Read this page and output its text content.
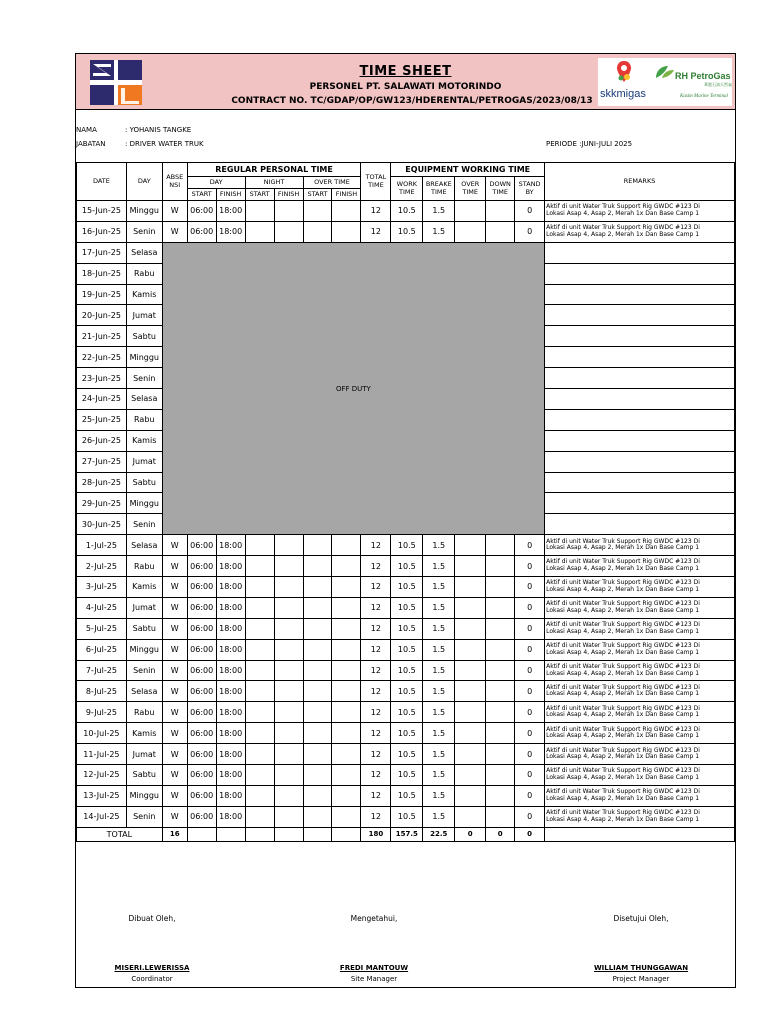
TIME SHEET
PERSONEL PT. SALAWATI MOTORINDO
CONTRACT NO. TC/GDAP/OP/GW123/HDERENTAL/PETROGAS/2023/08/13
skkmigas
RH PetroGas
華港石油天然氣
Kasim Marine Terminal
NAMA	: YOHANIS TANGKE
JABATAN	: DRIVER WATER TRUK	PERIODE :JUNI-JULI 2025
DATE	DAY	ABSE NSI	REGULAR PERSONAL TIME						TOTAL TIME	EQUIPMENT WORKING TIME					REMARKS
			DAY		NIGHT		OVER TIME			WORK TIME	BREAKE TIME	OVER TIME	DOWN TIME	STAND BY	
			START	FINISH	START	FINISH	START	FINISH							
15-Jun-25	Minggu	W	06:00	18:00					12	10.5	1.5			0	Aktif di unit Water Truk Support Rig GWDC #123 Di
Lokasi Asap 4, Asap 2, Merah 1x Dan Base Camp 1

16-Jun-25	Senin	W	06:00	18:00					12	10.5	1.5			0	Aktif di unit Water Truk Support Rig GWDC #123 Di
Lokasi Asap 4, Asap 2, Merah 1x Dan Base Camp 1

17-Jun-25	Selasa	OFF DUTY													
18-Jun-25	Rabu														
19-Jun-25	Kamis														
20-Jun-25	Jumat														
21-Jun-25	Sabtu														
22-Jun-25	Minggu														
23-Jun-25	Senin														
24-Jun-25	Selasa														
25-Jun-25	Rabu														
26-Jun-25	Kamis														
27-Jun-25	Jumat														
28-Jun-25	Sabtu														
29-Jun-25	Minggu														
30-Jun-25	Senin														
1-Jul-25	Selasa	W	06:00	18:00					12	10.5	1.5			0	Aktif di unit Water Truk Support Rig GWDC #123 Di
Lokasi Asap 4, Asap 2, Merah 1x Dan Base Camp 1

2-Jul-25	Rabu	W	06:00	18:00					12	10.5	1.5			0	Aktif di unit Water Truk Support Rig GWDC #123 Di
Lokasi Asap 4, Asap 2, Merah 1x Dan Base Camp 1

3-Jul-25	Kamis	W	06:00	18:00					12	10.5	1.5			0	Aktif di unit Water Truk Support Rig GWDC #123 Di
Lokasi Asap 4, Asap 2, Merah 1x Dan Base Camp 1

4-Jul-25	Jumat	W	06:00	18:00					12	10.5	1.5			0	Aktif di unit Water Truk Support Rig GWDC #123 Di
Lokasi Asap 4, Asap 2, Merah 1x Dan Base Camp 1

5-Jul-25	Sabtu	W	06:00	18:00					12	10.5	1.5			0	Aktif di unit Water Truk Support Rig GWDC #123 Di
Lokasi Asap 4, Asap 2, Merah 1x Dan Base Camp 1

6-Jul-25	Minggu	W	06:00	18:00					12	10.5	1.5			0	Aktif di unit Water Truk Support Rig GWDC #123 Di
Lokasi Asap 4, Asap 2, Merah 1x Dan Base Camp 1

7-Jul-25	Senin	W	06:00	18:00					12	10.5	1.5			0	Aktif di unit Water Truk Support Rig GWDC #123 Di
Lokasi Asap 4, Asap 2, Merah 1x Dan Base Camp 1

8-Jul-25	Selasa	W	06:00	18:00					12	10.5	1.5			0	Aktif di unit Water Truk Support Rig GWDC #123 Di
Lokasi Asap 4, Asap 2, Merah 1x Dan Base Camp 1

9-Jul-25	Rabu	W	06:00	18:00					12	10.5	1.5			0	Aktif di unit Water Truk Support Rig GWDC #123 Di
Lokasi Asap 4, Asap 2, Merah 1x Dan Base Camp 1

10-Jul-25	Kamis	W	06:00	18:00					12	10.5	1.5			0	Aktif di unit Water Truk Support Rig GWDC #123 Di
Lokasi Asap 4, Asap 2, Merah 1x Dan Base Camp 1

11-Jul-25	Jumat	W	06:00	18:00					12	10.5	1.5			0	Aktif di unit Water Truk Support Rig GWDC #123 Di
Lokasi Asap 4, Asap 2, Merah 1x Dan Base Camp 1

12-Jul-25	Sabtu	W	06:00	18:00					12	10.5	1.5			0	Aktif di unit Water Truk Support Rig GWDC #123 Di
Lokasi Asap 4, Asap 2, Merah 1x Dan Base Camp 1

13-Jul-25	Minggu	W	06:00	18:00					12	10.5	1.5			0	Aktif di unit Water Truk Support Rig GWDC #123 Di
Lokasi Asap 4, Asap 2, Merah 1x Dan Base Camp 1

14-Jul-25	Senin	W	06:00	18:00					12	10.5	1.5			0	Aktif di unit Water Truk Support Rig GWDC #123 Di
Lokasi Asap 4, Asap 2, Merah 1x Dan Base Camp 1

TOTAL		16							180	157.5	22.5	0	0	0	
Dibuat Oleh,	Mengetahui,	Disetujui Oleh,
MISERI.LEWERISSA
Coordinator
FREDI MANTOUW
Site Manager
WILLIAM THUNGGAWAN
Project Manager
